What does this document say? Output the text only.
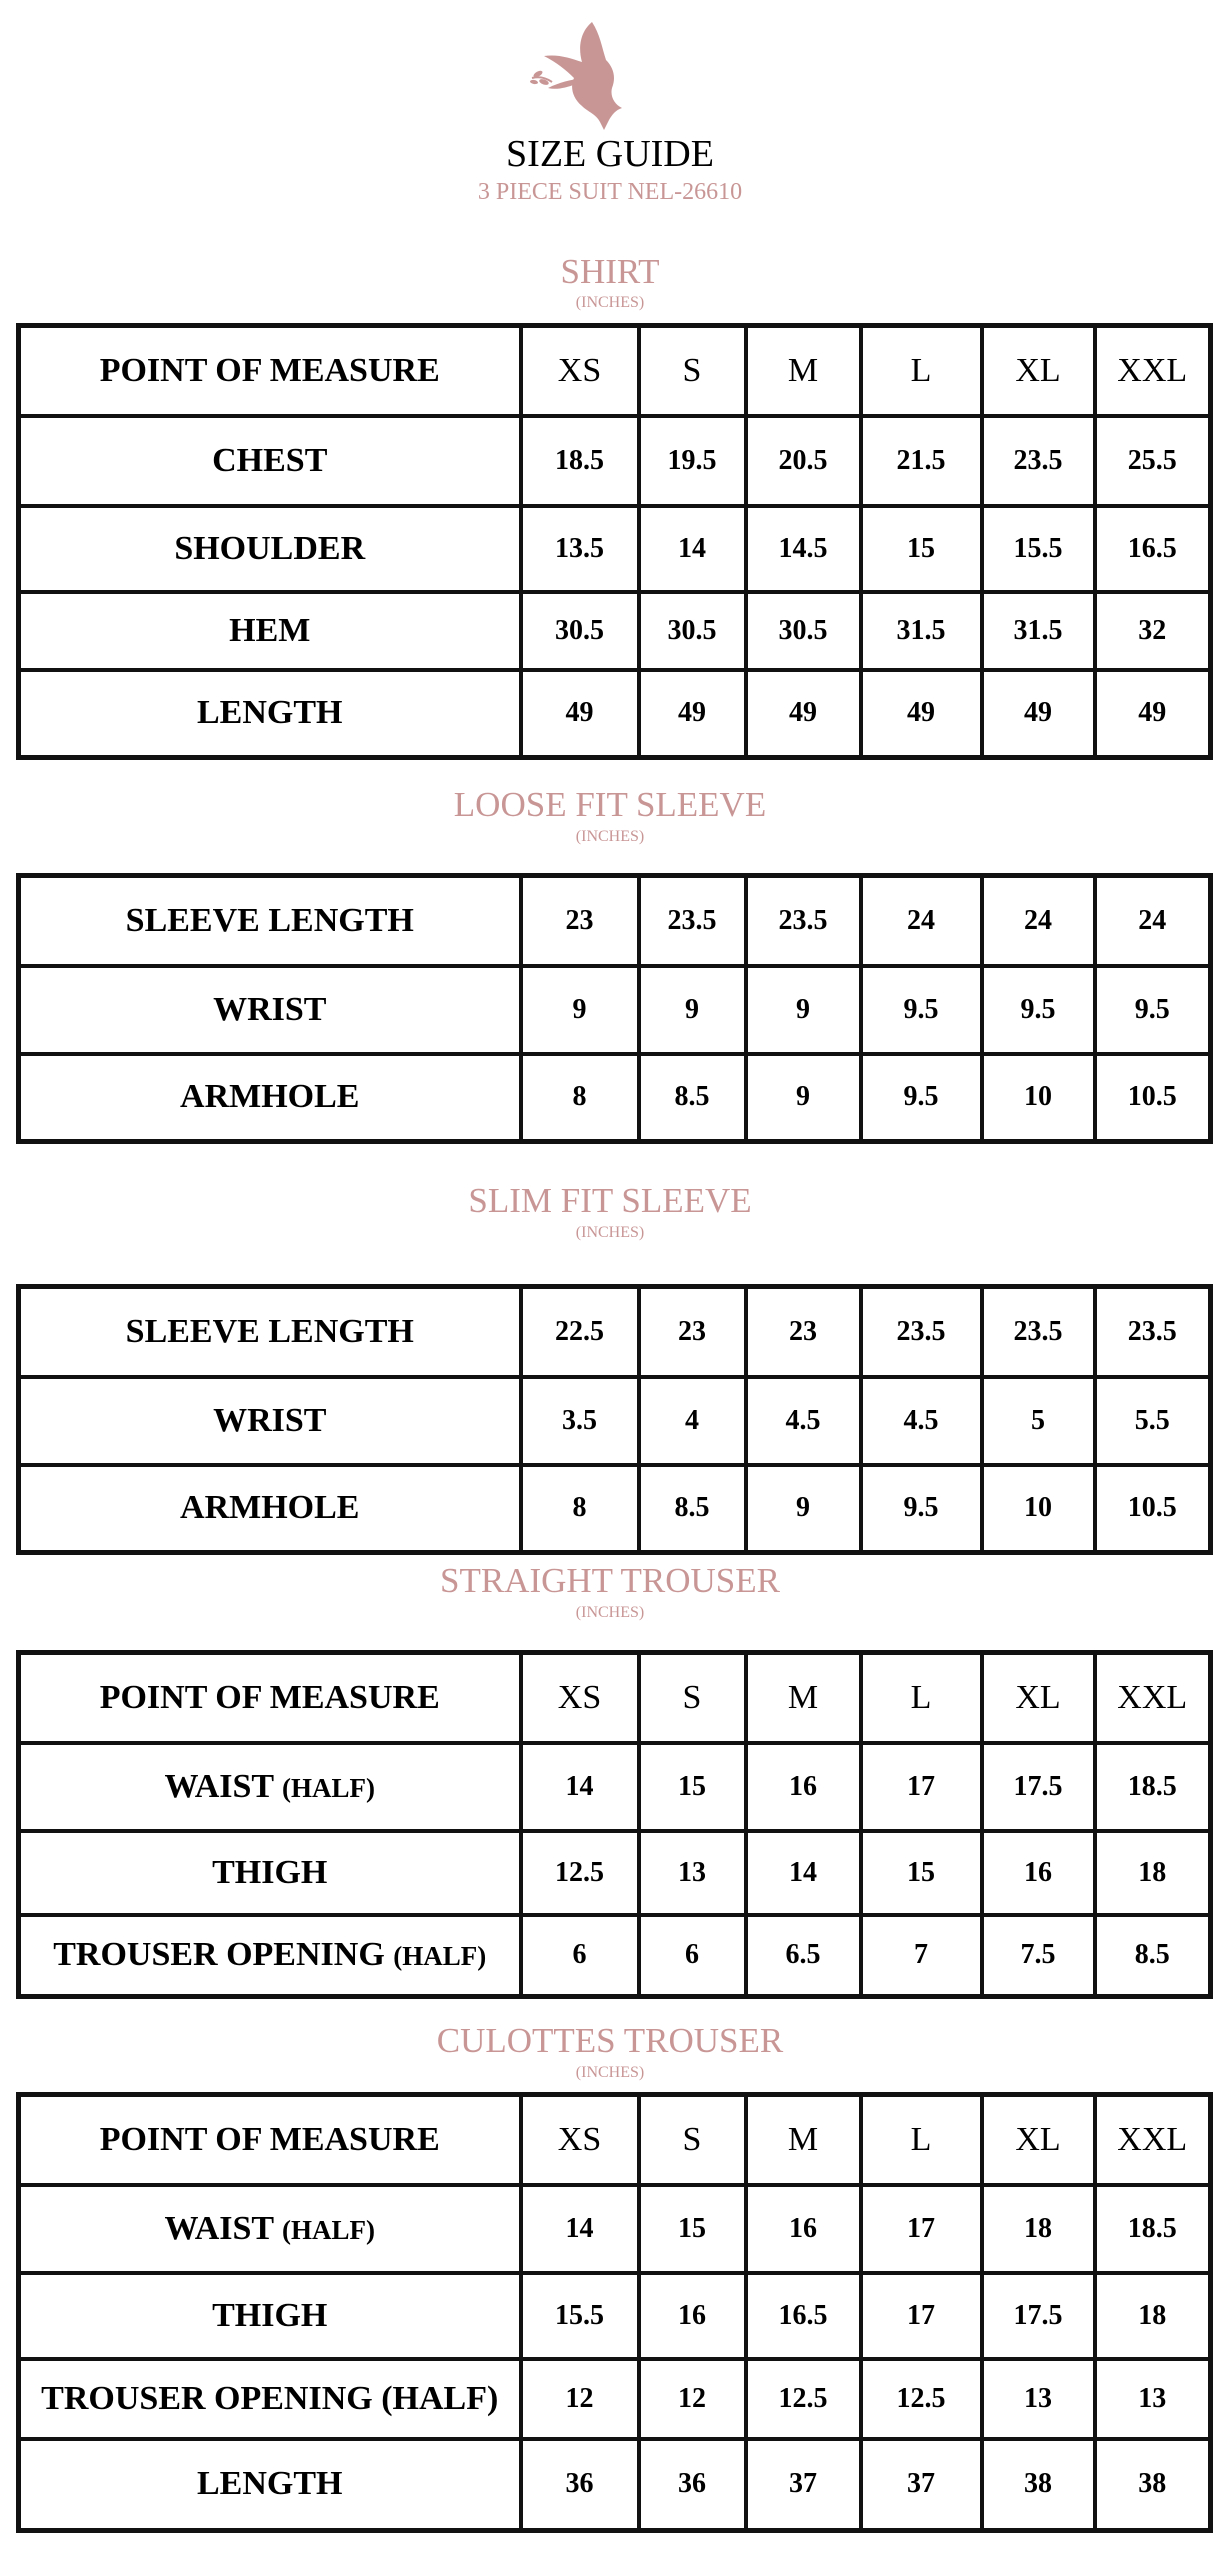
SIZE GUIDE
3 PIECE SUIT NEL-26610
SHIRT
(INCHES)
POINT OF MEASURE	XS	S	M	L	XL	XXL
CHEST	18.5	19.5	20.5	21.5	23.5	25.5
SHOULDER	13.5	14	14.5	15	15.5	16.5
HEM	30.5	30.5	30.5	31.5	31.5	32
LENGTH	49	49	49	49	49	49
LOOSE FIT SLEEVE
(INCHES)
SLEEVE LENGTH	23	23.5	23.5	24	24	24
WRIST	9	9	9	9.5	9.5	9.5
ARMHOLE	8	8.5	9	9.5	10	10.5
SLIM FIT SLEEVE
(INCHES)
SLEEVE LENGTH	22.5	23	23	23.5	23.5	23.5
WRIST	3.5	4	4.5	4.5	5	5.5
ARMHOLE	8	8.5	9	9.5	10	10.5
STRAIGHT TROUSER
(INCHES)
POINT OF MEASURE	XS	S	M	L	XL	XXL
WAIST (HALF)	14	15	16	17	17.5	18.5
THIGH	12.5	13	14	15	16	18
TROUSER OPENING (HALF)	6	6	6.5	7	7.5	8.5
CULOTTES TROUSER
(INCHES)
POINT OF MEASURE	XS	S	M	L	XL	XXL
WAIST (HALF)	14	15	16	17	18	18.5
THIGH	15.5	16	16.5	17	17.5	18
TROUSER OPENING (HALF)	12	12	12.5	12.5	13	13
LENGTH	36	36	37	37	38	38
